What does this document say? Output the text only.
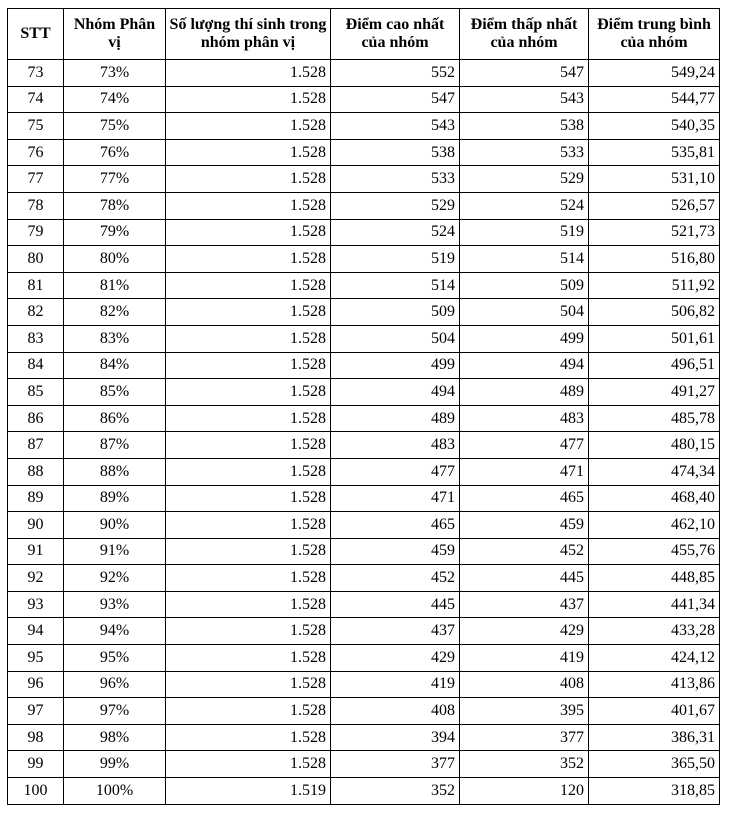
STT	Nhóm Phân vị	Số lượng thí sinh trong nhóm phân vị	Điểm cao nhất của nhóm	Điểm thấp nhất của nhóm	Điểm trung bình của nhóm
73	73%	1.528	552	547	549,24
74	74%	1.528	547	543	544,77
75	75%	1.528	543	538	540,35
76	76%	1.528	538	533	535,81
77	77%	1.528	533	529	531,10
78	78%	1.528	529	524	526,57
79	79%	1.528	524	519	521,73
80	80%	1.528	519	514	516,80
81	81%	1.528	514	509	511,92
82	82%	1.528	509	504	506,82
83	83%	1.528	504	499	501,61
84	84%	1.528	499	494	496,51
85	85%	1.528	494	489	491,27
86	86%	1.528	489	483	485,78
87	87%	1.528	483	477	480,15
88	88%	1.528	477	471	474,34
89	89%	1.528	471	465	468,40
90	90%	1.528	465	459	462,10
91	91%	1.528	459	452	455,76
92	92%	1.528	452	445	448,85
93	93%	1.528	445	437	441,34
94	94%	1.528	437	429	433,28
95	95%	1.528	429	419	424,12
96	96%	1.528	419	408	413,86
97	97%	1.528	408	395	401,67
98	98%	1.528	394	377	386,31
99	99%	1.528	377	352	365,50
100	100%	1.519	352	120	318,85
